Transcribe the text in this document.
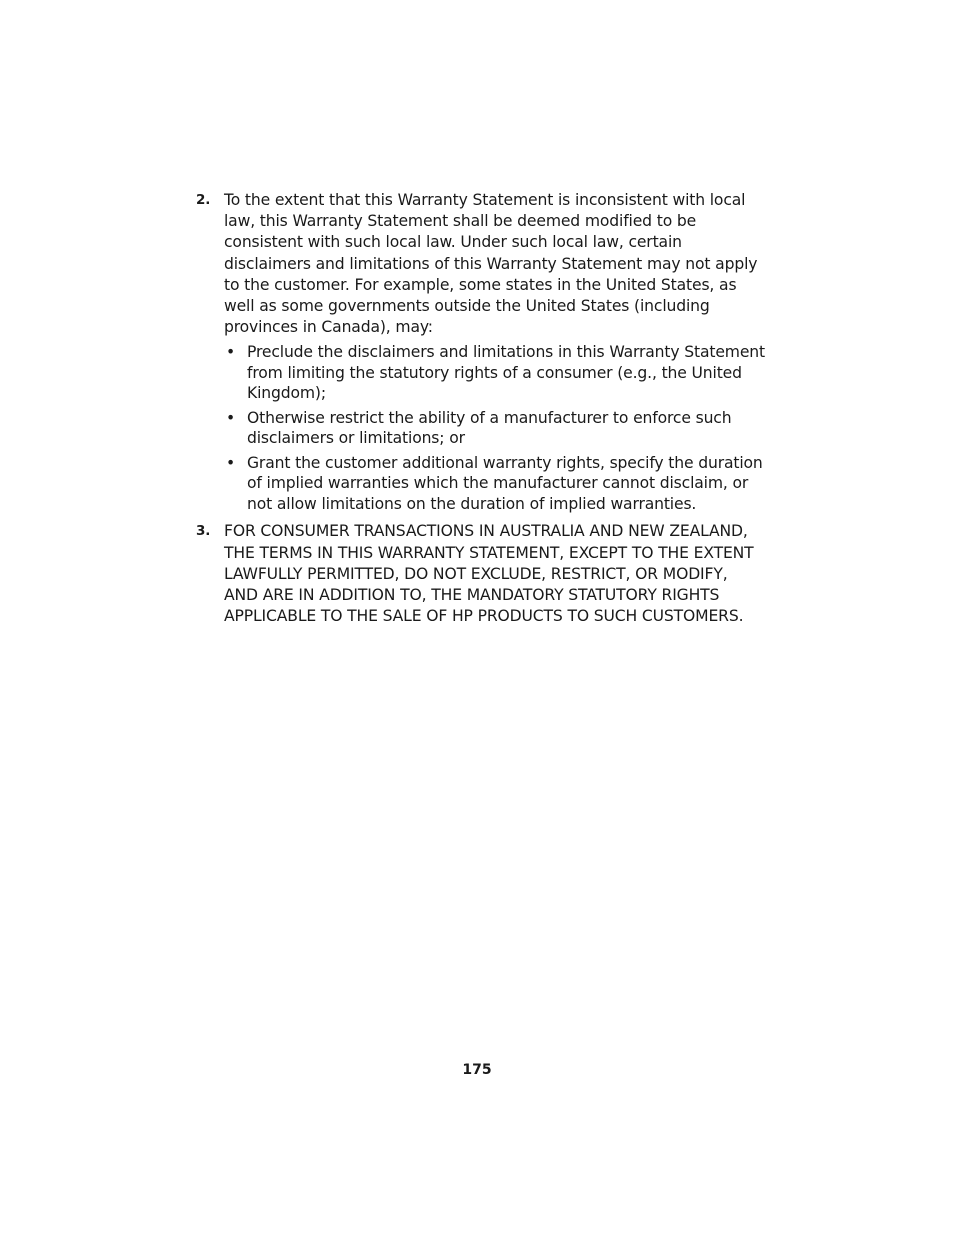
2. To the extent that this Warranty Statement is inconsistent with local law, this Warranty Statement shall be deemed modified to be consistent with such local law. Under such local law, certain disclaimers and limitations of this Warranty Statement may not apply to the customer. For example, some states in the United States, as well as some governments outside the United States (including provinces in Canada), may:
• Preclude the disclaimers and limitations in this Warranty Statement from limiting the statutory rights of a consumer (e.g., the United Kingdom);
• Otherwise restrict the ability of a manufacturer to enforce such disclaimers or limitations; or
• Grant the customer additional warranty rights, specify the duration of implied warranties which the manufacturer cannot disclaim, or not allow limitations on the duration of implied warranties.
3. FOR CONSUMER TRANSACTIONS IN AUSTRALIA AND NEW ZEALAND, THE TERMS IN THIS WARRANTY STATEMENT, EXCEPT TO THE EXTENT LAWFULLY PERMITTED, DO NOT EXCLUDE, RESTRICT, OR MODIFY, AND ARE IN ADDITION TO, THE MANDATORY STATUTORY RIGHTS APPLICABLE TO THE SALE OF HP PRODUCTS TO SUCH CUSTOMERS.
175
